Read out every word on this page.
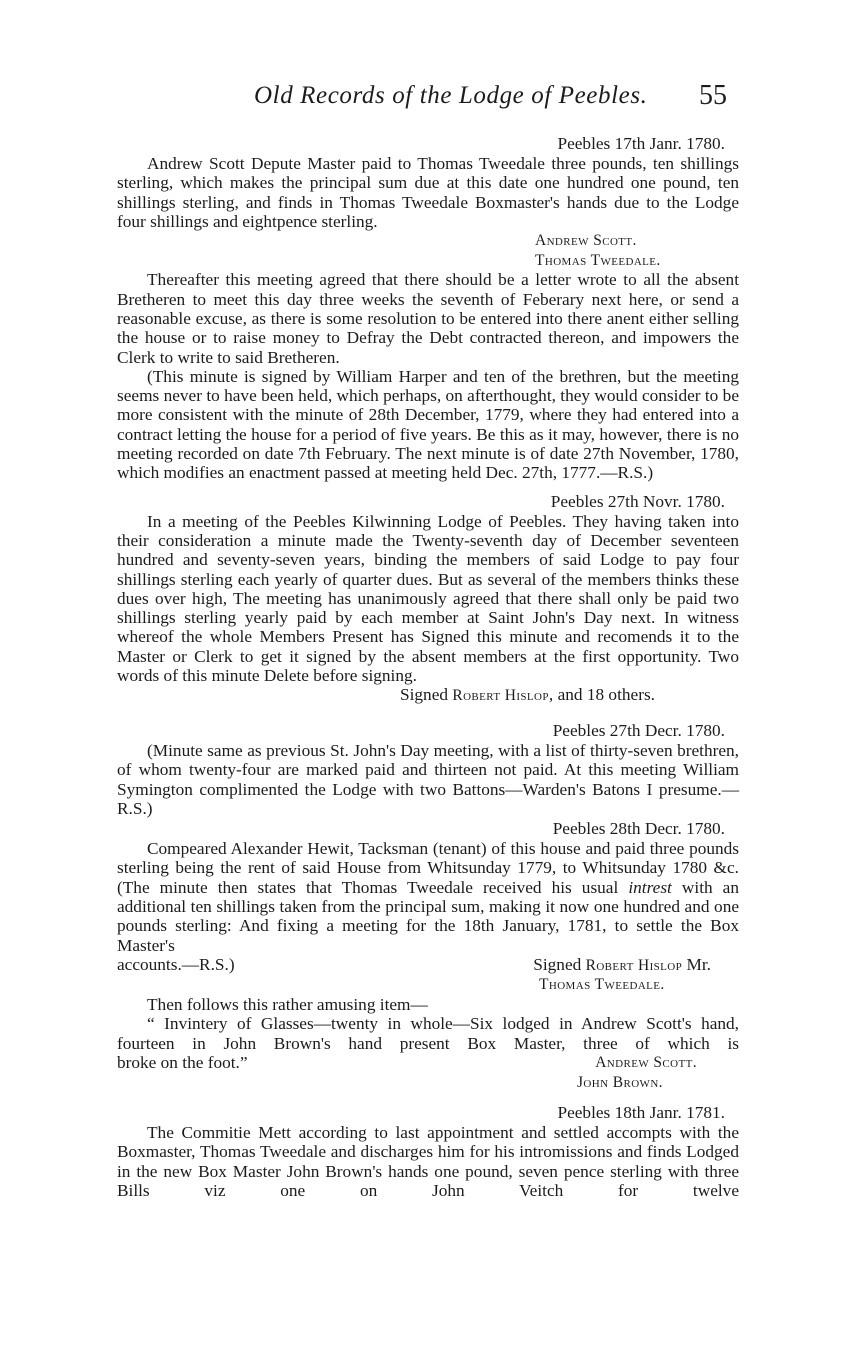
Old Records of the Lodge of Peebles. 55
Peebles 17th Janr. 1780.

Andrew Scott Depute Master paid to Thomas Tweedale three pounds, ten shillings sterling, which makes the principal sum due at this date one hundred one pound, ten shillings sterling, and finds in Thomas Tweedale Boxmaster's hands due to the Lodge four shillings and eightpence sterling.

Andrew Scott.
Thomas Tweedale.

Thereafter this meeting agreed that there should be a letter wrote to all the absent Bretheren to meet this day three weeks the seventh of Feberary next here, or send a reasonable excuse, as there is some resolution to be entered into there anent either selling the house or to raise money to Defray the Debt contracted thereon, and impowers the Clerk to write to said Bretheren.

(This minute is signed by William Harper and ten of the brethren, but the meeting seems never to have been held, which perhaps, on afterthought, they would consider to be more consistent with the minute of 28th December, 1779, where they had entered into a contract letting the house for a period of five years. Be this as it may, however, there is no meeting recorded on date 7th February. The next minute is of date 27th November, 1780, which modifies an enactment passed at meeting held Dec. 27th, 1777.—R.S.)

Peebles 27th Novr. 1780.

In a meeting of the Peebles Kilwinning Lodge of Peebles. They having taken into their consideration a minute made the Twenty-seventh day of December seventeen hundred and seventy-seven years, binding the members of said Lodge to pay four shillings sterling each yearly of quarter dues. But as several of the members thinks these dues over high, The meeting has unanimously agreed that there shall only be paid two shillings sterling yearly paid by each member at Saint John's Day next. In witness whereof the whole Members Present has Signed this minute and recomends it to the Master or Clerk to get it signed by the absent members at the first opportunity. Two words of this minute Delete before signing.

Signed Robert Hislop, and 18 others.
Peebles 27th Decr. 1780.

(Minute same as previous St. John's Day meeting, with a list of thirty-seven brethren, of whom twenty-four are marked paid and thirteen not paid. At this meeting William Symington complimented the Lodge with two Battons—Warden's Batons I presume.—R.S.)

Peebles 28th Decr. 1780.

Compeared Alexander Hewit, Tacksman (tenant) of this house and paid three pounds sterling being the rent of said House from Whitsunday 1779, to Whitsunday 1780 &c. (The minute then states that Thomas Tweedale received his usual intrest with an additional ten shillings taken from the principal sum, making it now one hundred and one pounds sterling: And fixing a meeting for the 18th January, 1781, to settle the Box Master's

accounts.—R.S.)	Signed Robert Hislop Mr.
Thomas Tweedale.

Then follows this rather amusing item—

“ Invintery of Glasses—twenty in whole—Six lodged in Andrew Scott's hand, fourteen in John Brown's hand present Box Master, three of which is

broke on the foot.”	Andrew Scott.
John Brown.
Peebles 18th Janr. 1781.

The Commitie Mett according to last appointment and settled accompts with the Boxmaster, Thomas Tweedale and discharges him for his intromissions and finds Lodged in the new Box Master John Brown's hands one pound, seven pence sterling with three Bills viz one on John Veitch for twelve
